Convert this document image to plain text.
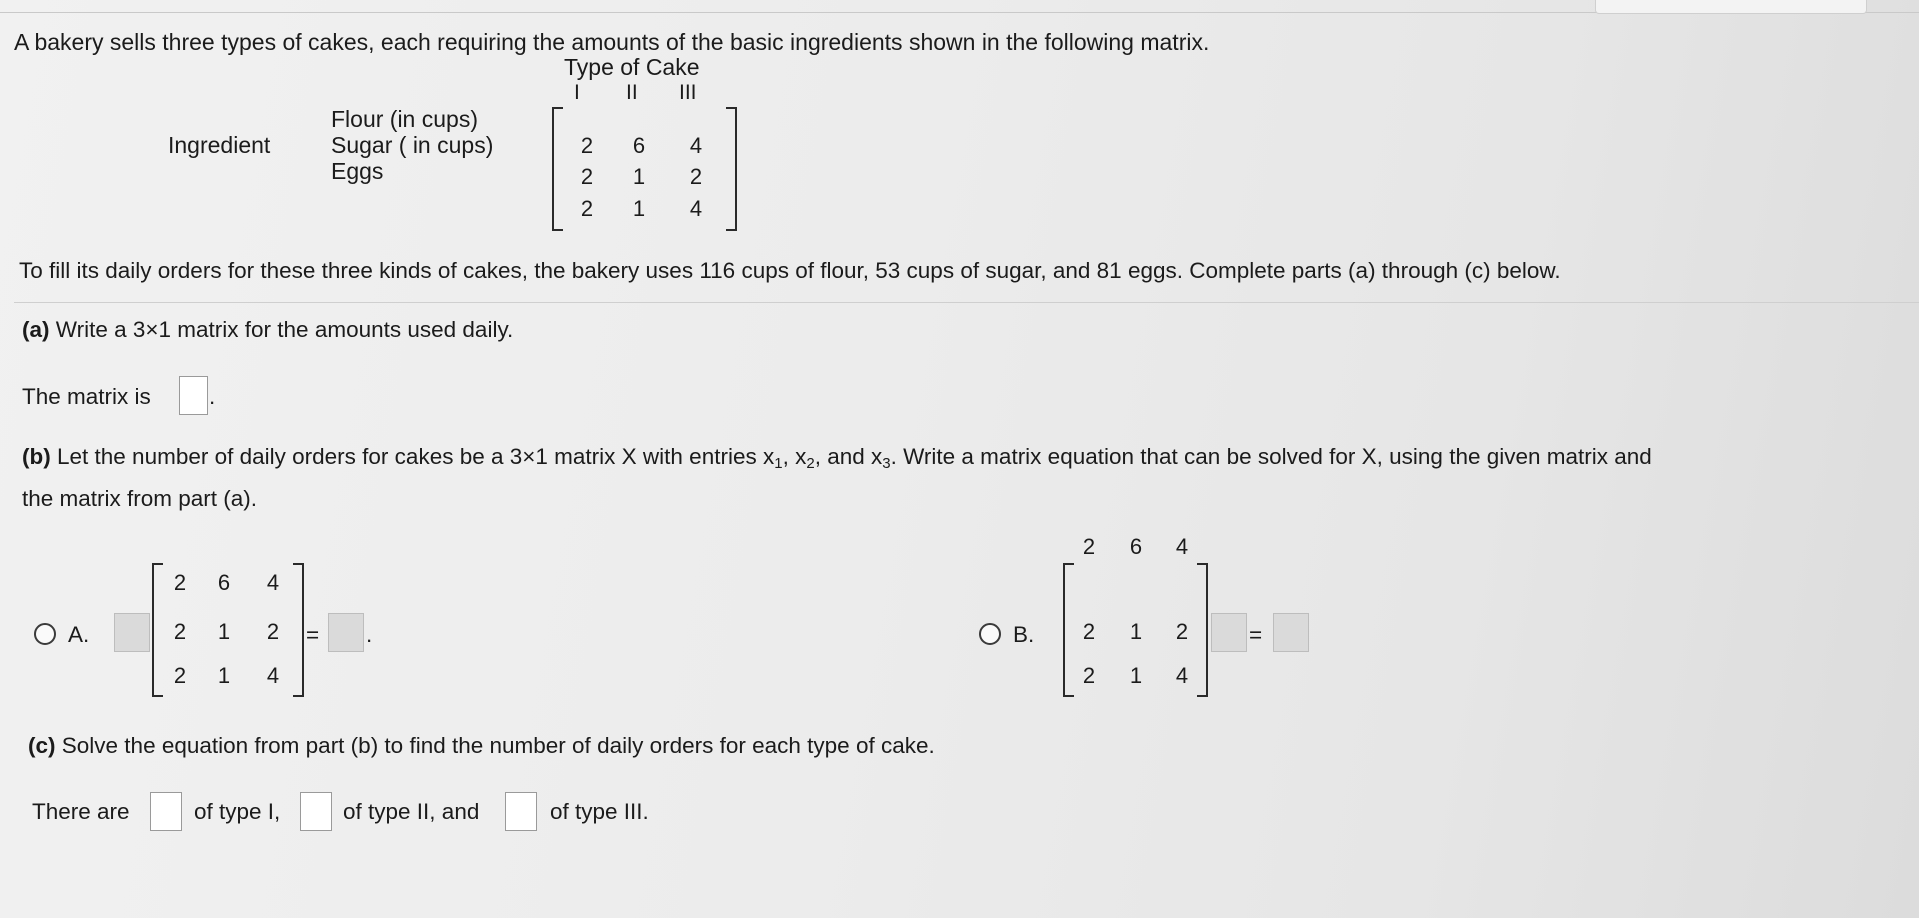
A bakery sells three types of cakes, each requiring the amounts of the basic ingredients shown in the following matrix.
Type of Cake
I II III
Ingredient
Flour (in cups)
Sugar ( in cups)
Eggs
2	6	4
2	1	2
2	1	4
To fill its daily orders for these three kinds of cakes, the bakery uses 116 cups of flour, 53 cups of sugar, and 81 eggs. Complete parts (a) through (c) below.
(a) Write a 3×1 matrix for the amounts used daily.
The matrix is	.
(b) Let the number of daily orders for cakes be a 3×1 matrix X with entries $x_1$, $x_2$, and $x_3$. Write a matrix equation that can be solved for X, using the given matrix and
the matrix from part (a).
A.
2	6	4
2	1	2
2	1	4
= .	B.
2	6	4
2	1	2
2	1	4
=
(c) Solve the equation from part (b) to find the number of daily orders for each type of cake.
There are	of type I,	of type II, and	of type III.
